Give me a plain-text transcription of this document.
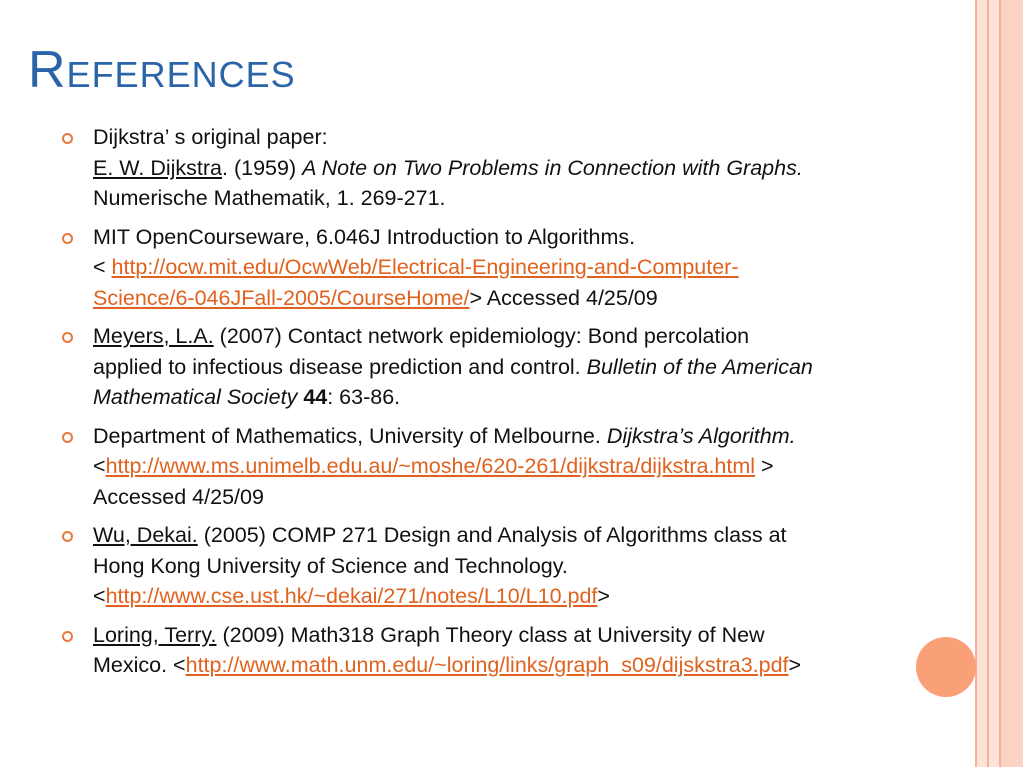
References
Dijkstra’ s original paper:
E. W. Dijkstra. (1959) A Note on Two Problems in Connection with Graphs.
Numerische Mathematik, 1. 269-271.
MIT OpenCourseware, 6.046J Introduction to Algorithms.
< http://ocw.mit.edu/OcwWeb/Electrical-Engineering-and-Computer-
Science/6-046JFall-2005/CourseHome/> Accessed 4/25/09
Meyers, L.A. (2007) Contact network epidemiology: Bond percolation
applied to infectious disease prediction and control. Bulletin of the American
Mathematical Society 44: 63-86.
Department of Mathematics, University of Melbourne. Dijkstra’s Algorithm.
<http://www.ms.unimelb.edu.au/~moshe/620-261/dijkstra/dijkstra.html >
Accessed 4/25/09
Wu, Dekai. (2005) COMP 271 Design and Analysis of Algorithms class at
Hong Kong University of Science and Technology.
<http://www.cse.ust.hk/~dekai/271/notes/L10/L10.pdf>
Loring, Terry. (2009) Math318 Graph Theory class at University of New
Mexico. <http://www.math.unm.edu/~loring/links/graph_s09/dijskstra3.pdf>
